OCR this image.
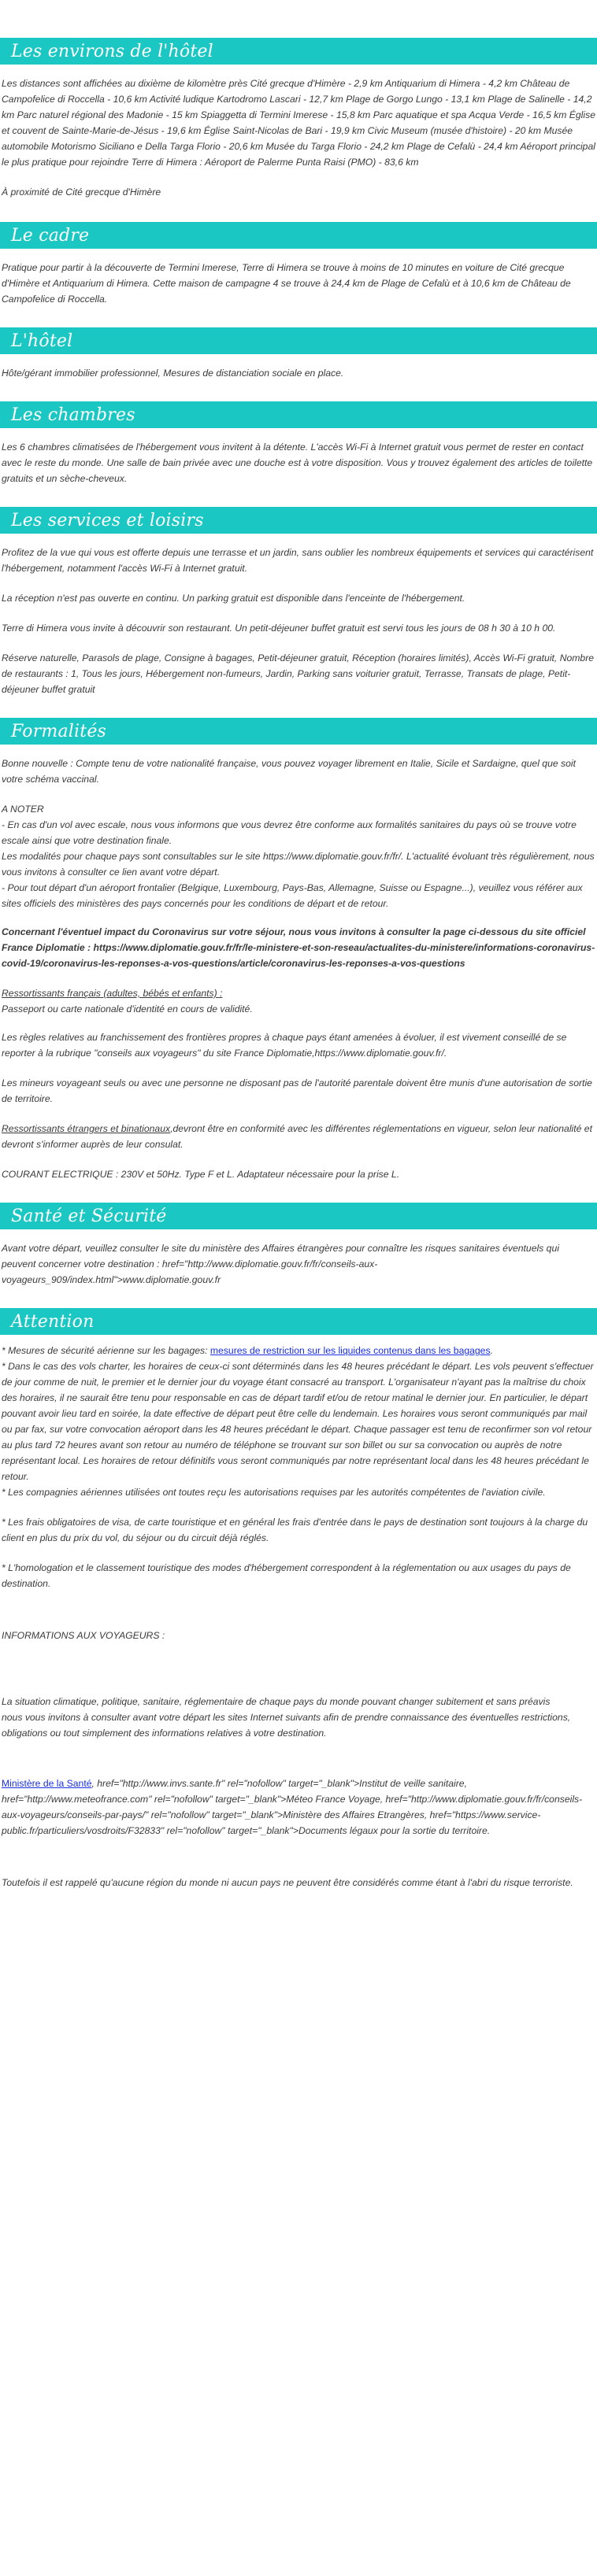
Les environs de l'hôtel

Les distances sont affichées au dixième de kilomètre près Cité grecque d'Himère - 2,9 km Antiquarium di Himera - 4,2 km Château de Campofelice di Roccella - 10,6 km Activité ludique Kartodromo Lascari - 12,7 km Plage de Gorgo Lungo - 13,1 km Plage de Salinelle - 14,2 km Parc naturel régional des Madonie - 15 km Spiaggetta di Termini Imerese - 15,8 km Parc aquatique et spa Acqua Verde - 16,5 km Église et couvent de Sainte-Marie-de-Jésus - 19,6 km Église Saint-Nicolas de Bari - 19,9 km Civic Museum (musée d'histoire) - 20 km Musée automobile Motorismo Siciliano e Della Targa Florio - 20,6 km Musée du Targa Florio - 24,2 km Plage de Cefalù - 24,4 km Aéroport principal le plus pratique pour rejoindre Terre di Himera : Aéroport de Palerme Punta Raisi (PMO) - 83,6 km

À proximité de Cité grecque d'Himère

Le cadre

Pratique pour partir à la découverte de Termini Imerese, Terre di Himera se trouve à moins de 10 minutes en voiture de Cité grecque d'Himère et Antiquarium di Himera. Cette maison de campagne 4 se trouve à 24,4 km de Plage de Cefalù et à 10,6 km de Château de Campofelice di Roccella.

L'hôtel

Hôte/gérant immobilier professionnel, Mesures de distanciation sociale en place.

Les chambres

Les 6 chambres climatisées de l'hébergement vous invitent à la détente. L'accès Wi-Fi à Internet gratuit vous permet de rester en contact avec le reste du monde. Une salle de bain privée avec une douche est à votre disposition. Vous y trouvez également des articles de toilette gratuits et un sèche-cheveux.

Les services et loisirs

Profitez de la vue qui vous est offerte depuis une terrasse et un jardin, sans oublier les nombreux équipements et services qui caractérisent l'hébergement, notamment l'accès Wi-Fi à Internet gratuit.

La réception n'est pas ouverte en continu. Un parking gratuit est disponible dans l'enceinte de l'hébergement.

Terre di Himera vous invite à découvrir son restaurant. Un petit-déjeuner buffet gratuit est servi tous les jours de 08 h 30 à 10 h 00.

Réserve naturelle, Parasols de plage, Consigne à bagages, Petit-déjeuner gratuit, Réception (horaires limités), Accès Wi-Fi gratuit, Nombre de restaurants : 1, Tous les jours, Hébergement non-fumeurs, Jardin, Parking sans voiturier gratuit, Terrasse, Transats de plage, Petit-déjeuner buffet gratuit

Formalités

Bonne nouvelle : Compte tenu de votre nationalité française, vous pouvez voyager librement en Italie, Sicile et Sardaigne, quel que soit votre schéma vaccinal.

A NOTER
- En cas d'un vol avec escale, nous vous informons que vous devrez être conforme aux formalités sanitaires du pays où se trouve votre escale ainsi que votre destination finale.
Les modalités pour chaque pays sont consultables sur le site https://www.diplomatie.gouv.fr/fr/. L'actualité évoluant très régulièrement, nous vous invitons à consulter ce lien avant votre départ.
- Pour tout départ d'un aéroport frontalier (Belgique, Luxembourg, Pays-Bas, Allemagne, Suisse ou Espagne...), veuillez vous référer aux sites officiels des ministères des pays concernés pour les conditions de départ et de retour.

Concernant l'éventuel impact du Coronavirus sur votre séjour, nous vous invitons à consulter la page ci-dessous du site officiel France Diplomatie : https://www.diplomatie.gouv.fr/fr/le-ministere-et-son-reseau/actualites-du-ministere/informations-coronavirus-covid-19/coronavirus-les-reponses-a-vos-questions/article/coronavirus-les-reponses-a-vos-questions

Ressortissants français (adultes, bébés et enfants) :
Passeport ou carte nationale d'identité en cours de validité.

Les règles relatives au franchissement des frontières propres à chaque pays étant amenées à évoluer, il est vivement conseillé de se reporter à la rubrique "conseils aux voyageurs" du site France Diplomatie,https://www.diplomatie.gouv.fr/.

Les mineurs voyageant seuls ou avec une personne ne disposant pas de l'autorité parentale doivent être munis d'une autorisation de sortie de territoire.

Ressortissants étrangers et binationaux,devront être en conformité avec les différentes réglementations en vigueur, selon leur nationalité et devront s'informer auprès de leur consulat.

COURANT ELECTRIQUE : 230V et 50Hz. Type F et L. Adaptateur nécessaire pour la prise L.

Santé et Sécurité

Avant votre départ, veuillez consulter le site du ministère des Affaires étrangères pour connaître les risques sanitaires éventuels qui peuvent concerner votre destination : href="http://www.diplomatie.gouv.fr/fr/conseils-aux-voyageurs_909/index.html">www.diplomatie.gouv.fr

Attention
* Mesures de sécurité aérienne sur les bagages: mesures de restriction sur les liquides contenus dans les bagages.
* Dans le cas des vols charter, les horaires de ceux-ci sont déterminés dans les 48 heures précédant le départ. Les vols peuvent s'effectuer de jour comme de nuit, le premier et le dernier jour du voyage étant consacré au transport. L'organisateur n'ayant pas la maîtrise du choix des horaires, il ne saurait être tenu pour responsable en cas de départ tardif et/ou de retour matinal le dernier jour. En particulier, le départ pouvant avoir lieu tard en soirée, la date effective de départ peut être celle du lendemain. Les horaires vous seront communiqués par mail ou par fax, sur votre convocation aéroport dans les 48 heures précédant le départ. Chaque passager est tenu de reconfirmer son vol retour au plus tard 72 heures avant son retour au numéro de téléphone se trouvant sur son billet ou sur sa convocation ou auprès de notre représentant local. Les horaires de retour définitifs vous seront communiqués par notre représentant local dans les 48 heures précédant le retour.

* Les compagnies aériennes utilisées ont toutes reçu les autorisations requises par les autorités compétentes de l'aviation civile.

* Les frais obligatoires de visa, de carte touristique et en général les frais d'entrée dans le pays de destination sont toujours à la charge du client en plus du prix du vol, du séjour ou du circuit déjà réglés.

* L'homologation et le classement touristique des modes d'hébergement correspondent à la réglementation ou aux usages du pays de destination.

INFORMATIONS AUX VOYAGEURS :

La situation climatique, politique, sanitaire, réglementaire de chaque pays du monde pouvant changer subitement et sans préavis
nous vous invitons à consulter avant votre départ les sites Internet suivants afin de prendre connaissance des éventuelles restrictions, obligations ou tout simplement des informations relatives à votre destination.

Ministère de la Santé, href="http://www.invs.sante.fr" rel="nofollow" target="_blank">Institut de veille sanitaire, href="http://www.meteofrance.com" rel="nofollow" target="_blank">Méteo France Voyage, href="http://www.diplomatie.gouv.fr/fr/conseils-aux-voyageurs/conseils-par-pays/" rel="nofollow" target="_blank">Ministère des Affaires Etrangères, href="https://www.service-public.fr/particuliers/vosdroits/F32833" rel="nofollow" target="_blank">Documents légaux pour la sortie du territoire.

Toutefois il est rappelé qu'aucune région du monde ni aucun pays ne peuvent être considérés comme étant à l'abri du risque terroriste.
